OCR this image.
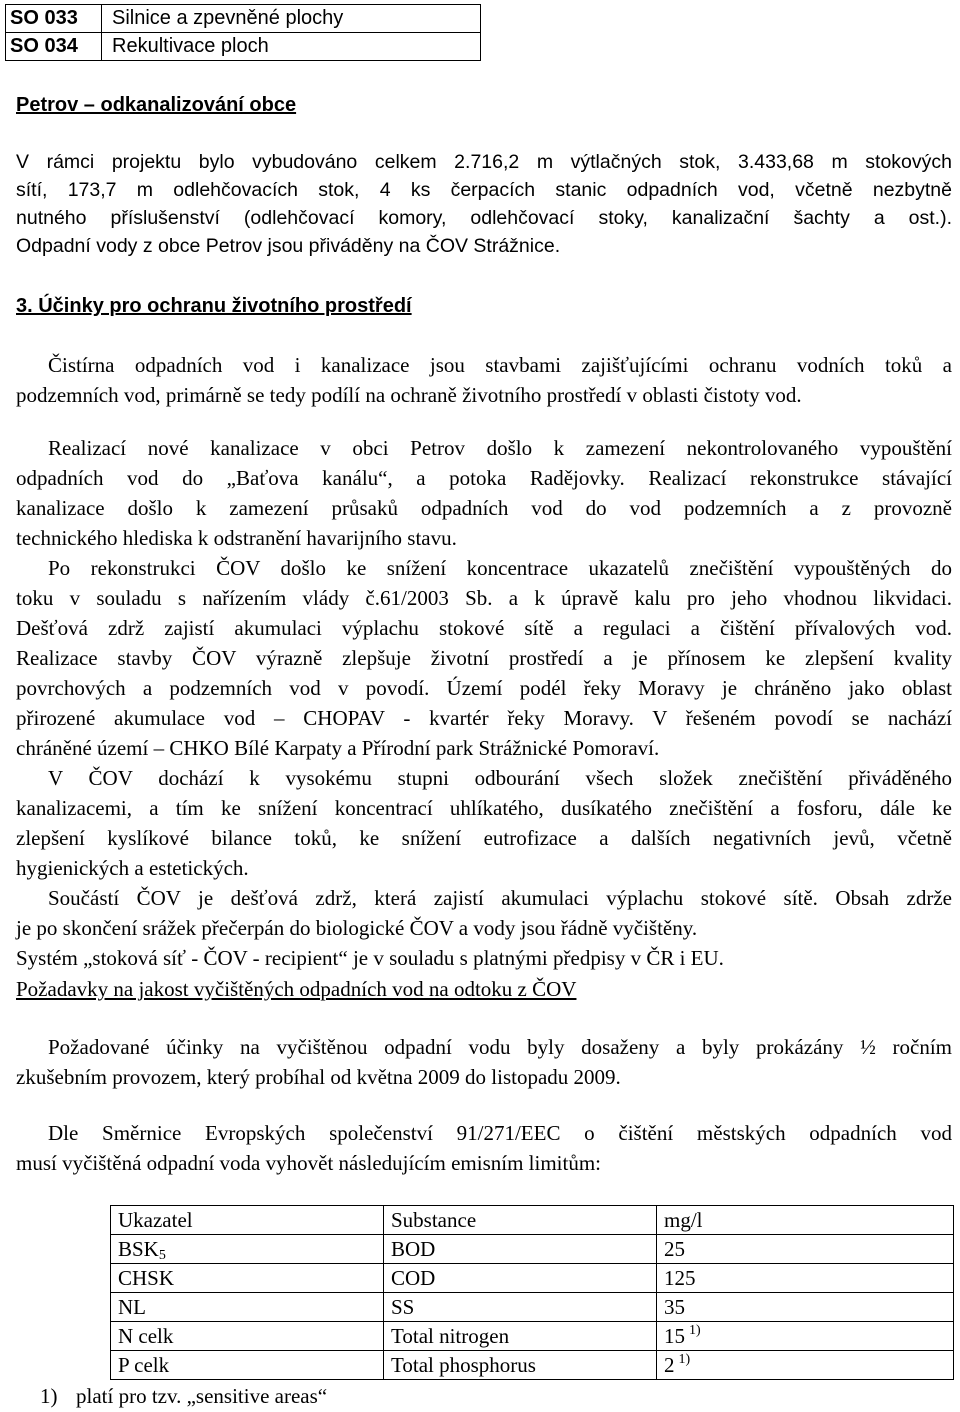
SO 033	Silnice a zpevněné plochy
SO 034	Rekultivace ploch
Petrov – odkanalizování obce
V rámci projektu bylo vybudováno celkem 2.716,2 m výtlačných stok, 3.433,68 m stokových
sítí, 173,7 m odlehčovacích stok, 4 ks čerpacích stanic odpadních vod, včetně nezbytně
nutného příslušenství (odlehčovací komory, odlehčovací stoky, kanalizační šachty a ost.).
Odpadní vody z obce Petrov jsou přiváděny na ČOV Strážnice.
3. Účinky pro ochranu životního prostředí
Čistírna odpadních vod i kanalizace jsou stavbami zajišťujícími ochranu vodních toků a
podzemních vod, primárně se tedy podílí na ochraně životního prostředí v oblasti čistoty vod.
Realizací nové kanalizace v obci Petrov došlo k zamezení nekontrolovaného vypouštění
odpadních vod do „Baťova kanálu“, a potoka Radějovky. Realizací rekonstrukce stávající
kanalizace došlo k zamezení průsaků odpadních vod do vod podzemních a z provozně
technického hlediska k odstranění havarijního stavu.
Po rekonstrukci ČOV došlo ke snížení koncentrace ukazatelů znečištění vypouštěných do
toku v souladu s nařízením vlády č.61/2003 Sb. a k úpravě kalu pro jeho vhodnou likvidaci.
Dešťová zdrž zajistí akumulaci výplachu stokové sítě a regulaci a čištění přívalových vod.
Realizace stavby ČOV výrazně zlepšuje životní prostředí a je přínosem ke zlepšení kvality
povrchových a podzemních vod v povodí. Území podél řeky Moravy je chráněno jako oblast
přirozené akumulace vod – CHOPAV - kvartér řeky Moravy. V řešeném povodí se nachází
chráněné území – CHKO Bílé Karpaty a Přírodní park Strážnické Pomoraví.
V ČOV dochází k vysokému stupni odbourání všech složek znečištění přiváděného
kanalizacemi, a tím ke snížení koncentrací uhlíkatého, dusíkatého znečištění a fosforu, dále ke
zlepšení kyslíkové bilance toků, ke snížení eutrofizace a dalších negativních jevů, včetně
hygienických a estetických.
Součástí ČOV je dešťová zdrž, která zajistí akumulaci výplachu stokové sítě. Obsah zdrže
je po skončení srážek přečerpán do biologické ČOV a vody jsou řádně vyčištěny.
Systém „stoková síť - ČOV - recipient“ je v souladu s platnými předpisy v ČR i EU.
Požadavky na jakost vyčištěných odpadních vod na odtoku z ČOV
Požadované účinky na vyčištěnou odpadní vodu byly dosaženy a byly prokázány ½ ročním
zkušebním provozem, který probíhal od května 2009 do listopadu 2009.
Dle Směrnice Evropských společenství 91/271/EEC o čištění městských odpadních vod
musí vyčištěná odpadní voda vyhovět následujícím emisním limitům:
Ukazatel	Substance	mg/l
$BSK_5$	BOD	25
CHSK	COD	125
NL	SS	35
N celk	Total nitrogen	15 $^{1)}$
P celk	Total phosphorus	2 $^{1)}$
1) platí pro tzv. „sensitive areas“
